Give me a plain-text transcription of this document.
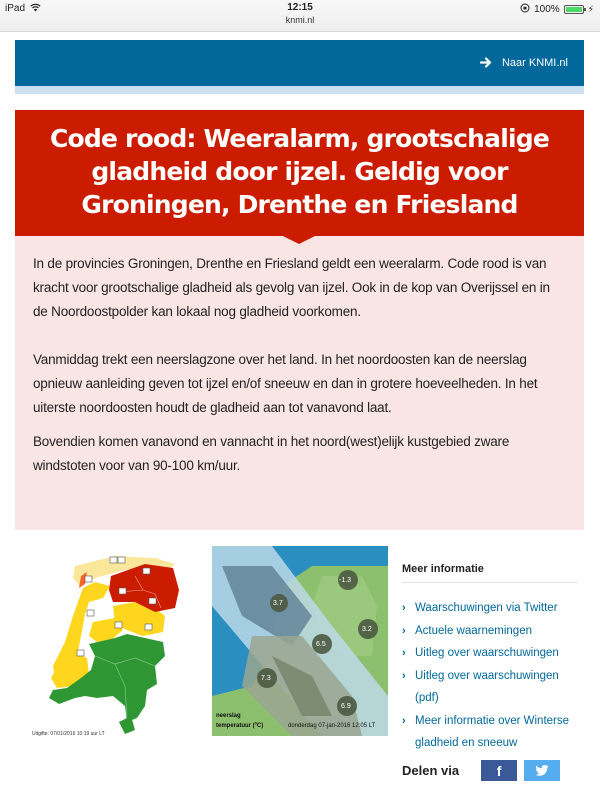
iPad	12:15
knmi.nl
100%	⚡
Naar KNMI.nl
Code rood: Weeralarm, grootschalige gladheid door ijzel. Geldig voor Groningen, Drenthe en Friesland

In de provincies Groningen, Drenthe en Friesland geldt een weeralarm. Code rood is van kracht voor grootschalige gladheid als gevolg van ijzel. Ook in de kop van Overijssel en in de Noordoostpolder kan lokaal nog gladheid voorkomen.

Vanmiddag trekt een neerslagzone over het land. In het noordoosten kan de neerslag opnieuw aanleiding geven tot ijzel en/of sneeuw en dan in grotere hoeveelheden. In het uiterste noordoosten houdt de gladheid aan tot vanavond laat.

Bovendien komen vanavond en vannacht in het noord(west)elijk kustgebied zware windstoten voor van 90-100 km/uur.

Uitgifte: 07/01/2016 10:19 uur LT
-1.3
3.7
3.2
6.5
7.3
6.9
neerslag
temperatuur (ºC)	donderdag 07-jan-2016 12:05 LT
Meer informatie
› Waarschuwingen via Twitter
› Actuele waarnemingen
› Uitleg over waarschuwingen
› Uitleg over waarschuwingen (pdf)
› Meer informatie over Winterse gladheid en sneeuw
Delen via	f
